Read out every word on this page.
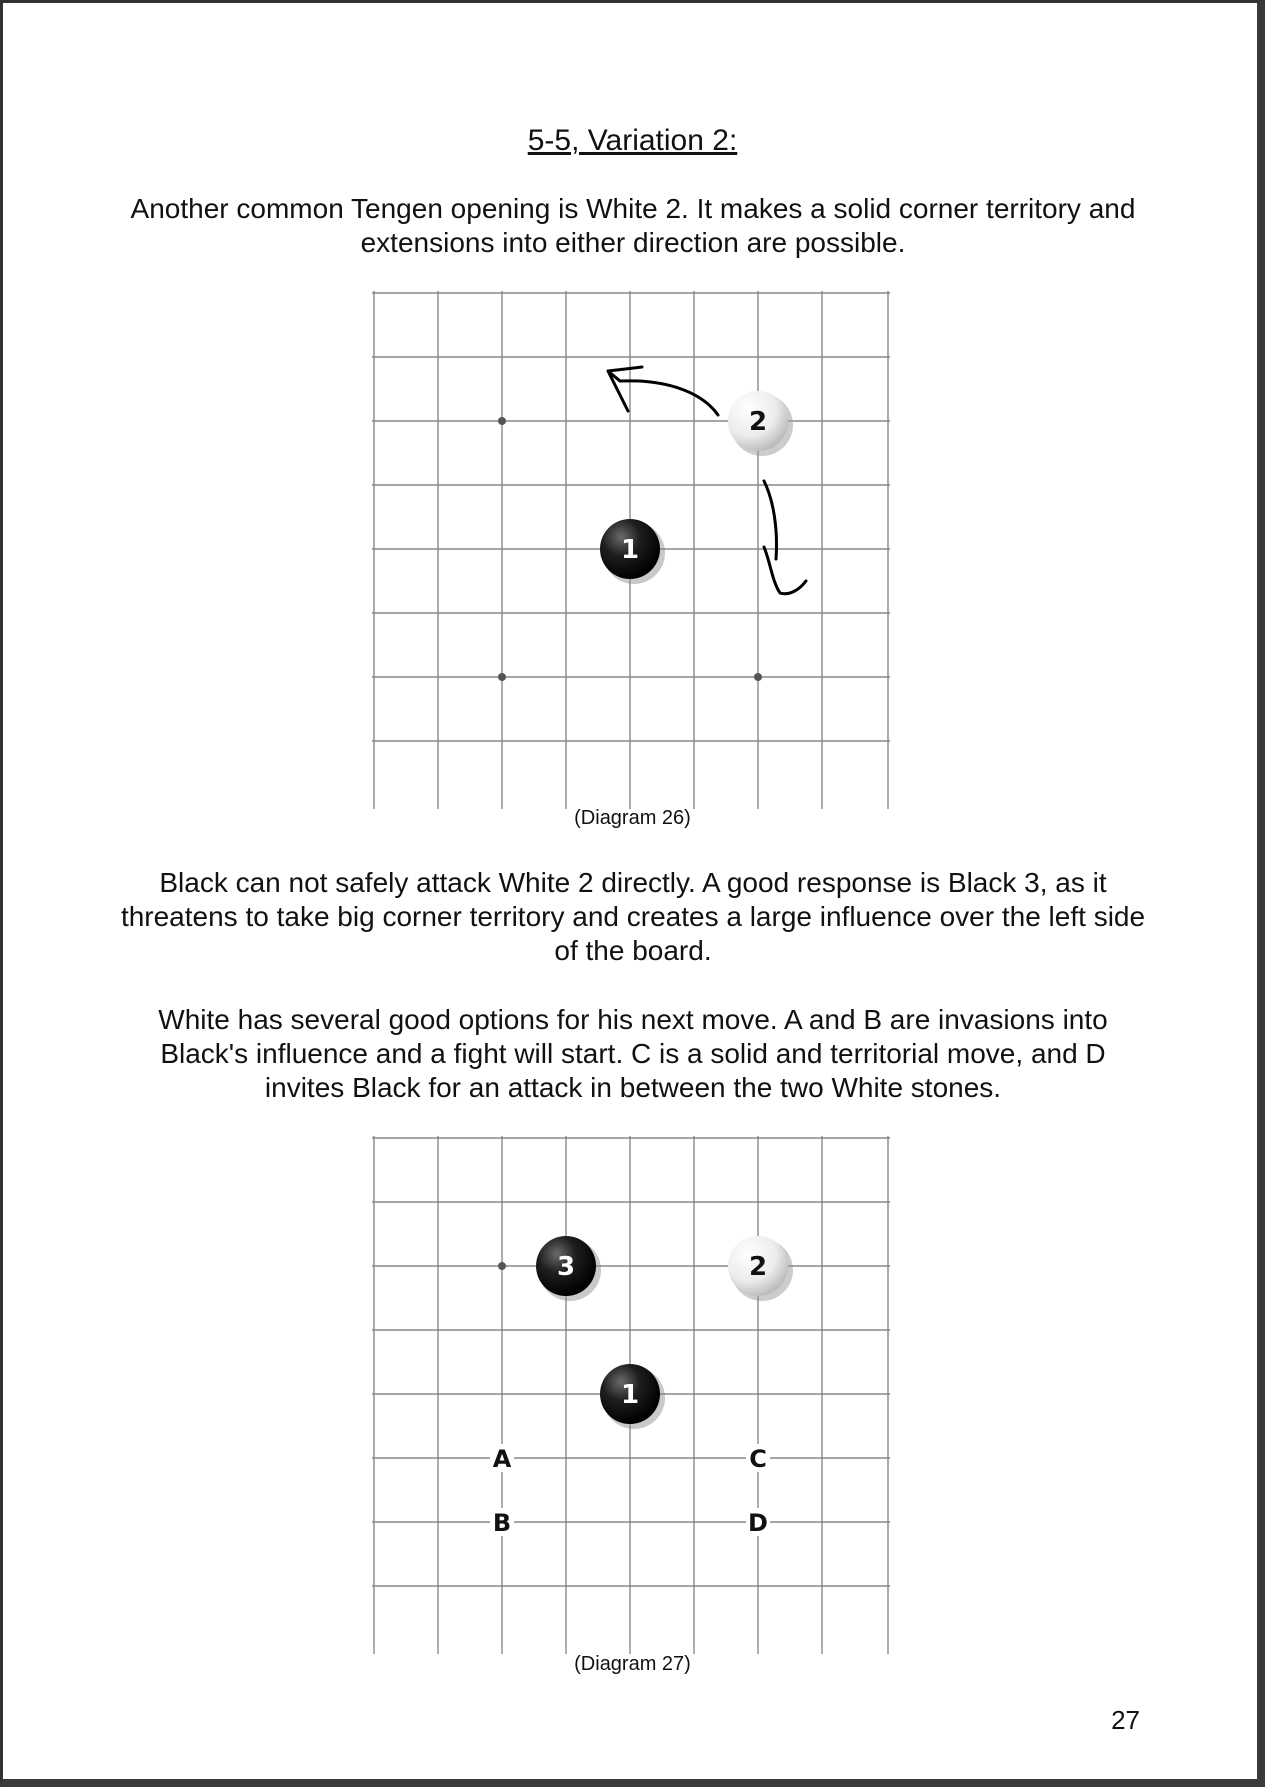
5-5, Variation 2:

Another common Tengen opening is White 2. It makes a solid corner territory and extensions into either direction are possible.

1
2
(Diagram 26)

Black can not safely attack White 2 directly. A good response is Black 3, as it threatens to take big corner territory and creates a large influence over the left side of the board.

White has several good options for his next move. A and B are invasions into Black's influence and a fight will start. C is a solid and territorial move, and D invites Black for an attack in between the two White stones.

1
2
3
A
B
C
D
(Diagram 27)
27
